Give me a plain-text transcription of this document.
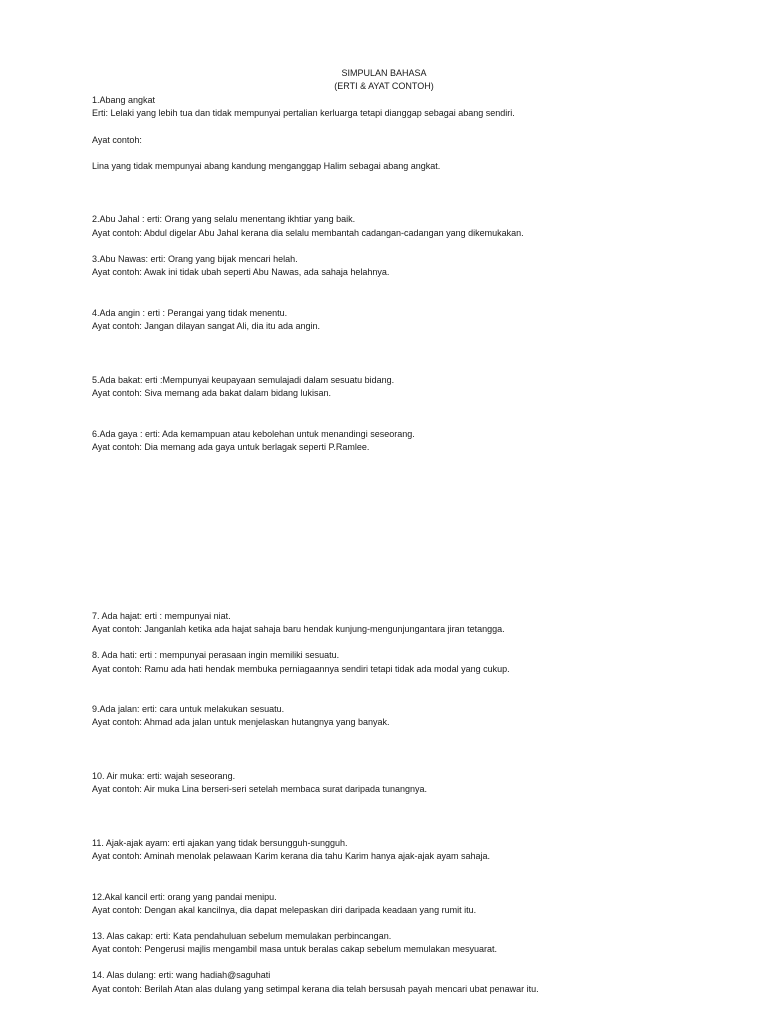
SIMPULAN BAHASA
(ERTI & AYAT CONTOH)
1.Abang angkat
Erti: Lelaki yang lebih tua dan tidak mempunyai pertalian kerluarga tetapi dianggap sebagai abang sendiri.
Ayat contoh:
Lina yang tidak mempunyai abang kandung menganggap Halim sebagai abang angkat.
2.Abu Jahal : erti: Orang yang selalu menentang ikhtiar yang baik.
Ayat contoh: Abdul digelar Abu Jahal kerana dia selalu membantah cadangan-cadangan yang dikemukakan.
3.Abu Nawas: erti: Orang yang bijak mencari helah.
Ayat contoh: Awak ini tidak ubah seperti Abu Nawas, ada sahaja helahnya.
4.Ada angin : erti : Perangai yang tidak menentu.
Ayat contoh: Jangan dilayan sangat Ali, dia itu ada angin.
5.Ada bakat: erti :Mempunyai keupayaan semulajadi dalam sesuatu bidang.
Ayat contoh: Siva memang ada bakat dalam bidang lukisan.
6.Ada gaya : erti: Ada kemampuan atau kebolehan untuk menandingi seseorang.
Ayat contoh: Dia memang ada gaya untuk berlagak seperti P.Ramlee.
7. Ada hajat: erti : mempunyai niat.
Ayat contoh: Janganlah ketika ada hajat sahaja baru hendak kunjung-mengunjungantara jiran tetangga.
8. Ada hati: erti : mempunyai perasaan ingin memiliki sesuatu.
Ayat contoh: Ramu ada hati hendak membuka perniagaannya sendiri tetapi tidak ada modal yang cukup.
9.Ada jalan: erti: cara untuk melakukan sesuatu.
Ayat contoh: Ahmad ada jalan untuk menjelaskan hutangnya yang banyak.
10. Air muka: erti: wajah seseorang.
Ayat contoh: Air muka Lina berseri-seri setelah membaca surat daripada tunangnya.
11. Ajak-ajak ayam: erti ajakan yang tidak bersungguh-sungguh.
Ayat contoh: Aminah menolak pelawaan Karim kerana dia tahu Karim hanya ajak-ajak ayam sahaja.
12.Akal kancil erti: orang yang pandai menipu.
Ayat contoh: Dengan akal kancilnya, dia dapat melepaskan diri daripada keadaan yang rumit itu.
13. Alas cakap: erti: Kata pendahuluan sebelum memulakan perbincangan.
Ayat contoh: Pengerusi majlis mengambil masa untuk beralas cakap sebelum memulakan mesyuarat.
14. Alas dulang: erti: wang hadiah@saguhati
Ayat contoh: Berilah Atan alas dulang yang setimpal kerana dia telah bersusah payah mencari ubat penawar itu.
